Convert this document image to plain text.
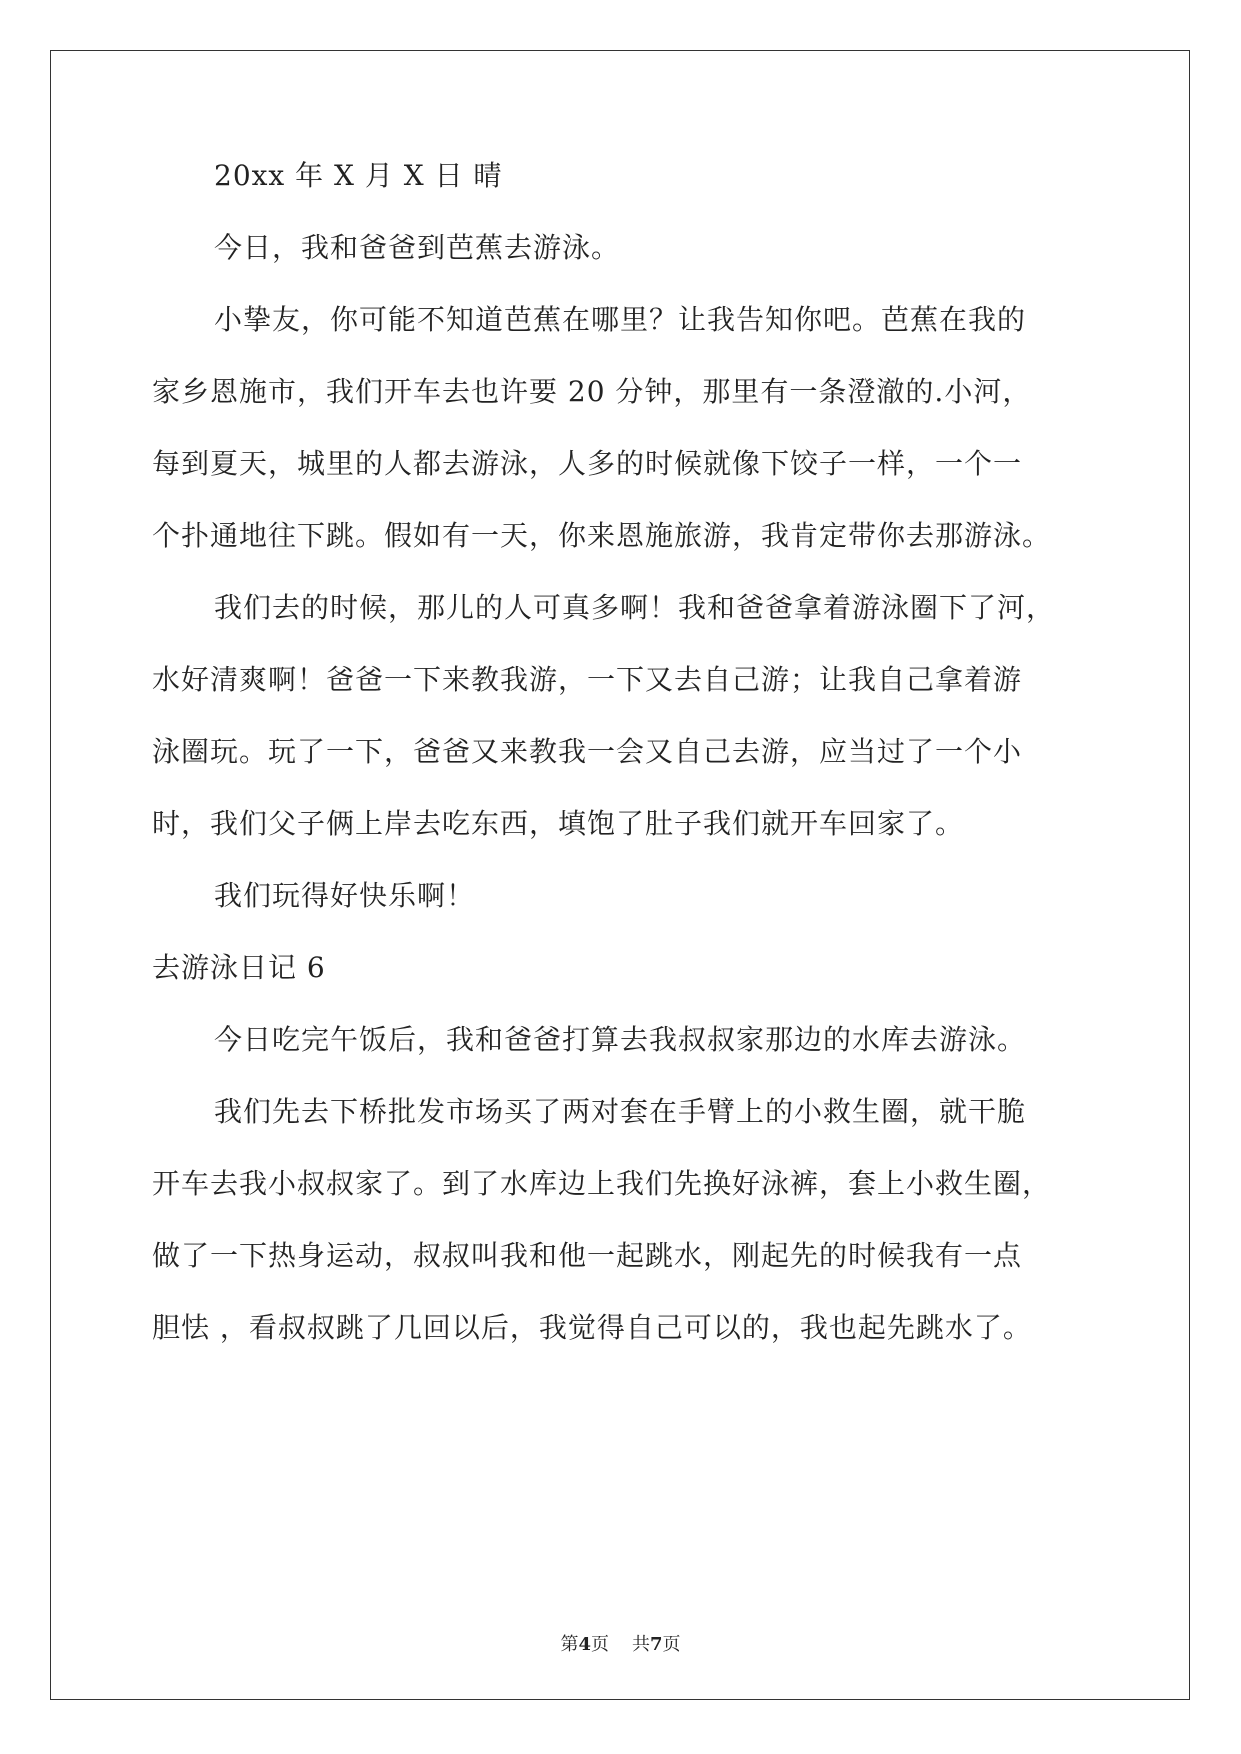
20xx 年 X 月 X 日 晴
今日，我和爸爸到芭蕉去游泳。
小挚友，你可能不知道芭蕉在哪里？让我告知你吧。芭蕉在我的
家乡恩施市，我们开车去也许要 20 分钟，那里有一条澄澈的.小河，
每到夏天，城里的人都去游泳，人多的时候就像下饺子一样，一个一
个扑通地往下跳。假如有一天，你来恩施旅游，我肯定带你去那游泳。
我们去的时候，那儿的人可真多啊！我和爸爸拿着游泳圈下了河，
水好清爽啊！爸爸一下来教我游，一下又去自己游；让我自己拿着游
泳圈玩。玩了一下，爸爸又来教我一会又自己去游，应当过了一个小
时，我们父子俩上岸去吃东西，填饱了肚子我们就开车回家了。
我们玩得好快乐啊！
去游泳日记 6
今日吃完午饭后，我和爸爸打算去我叔叔家那边的水库去游泳。
我们先去下桥批发市场买了两对套在手臂上的小救生圈，就干脆
开车去我小叔叔家了。到了水库边上我们先换好泳裤，套上小救生圈，
做了一下热身运动，叔叔叫我和他一起跳水，刚起先的时候我有一点
胆怯 ，看叔叔跳了几回以后，我觉得自己可以的，我也起先跳水了。
第4页 共7页
